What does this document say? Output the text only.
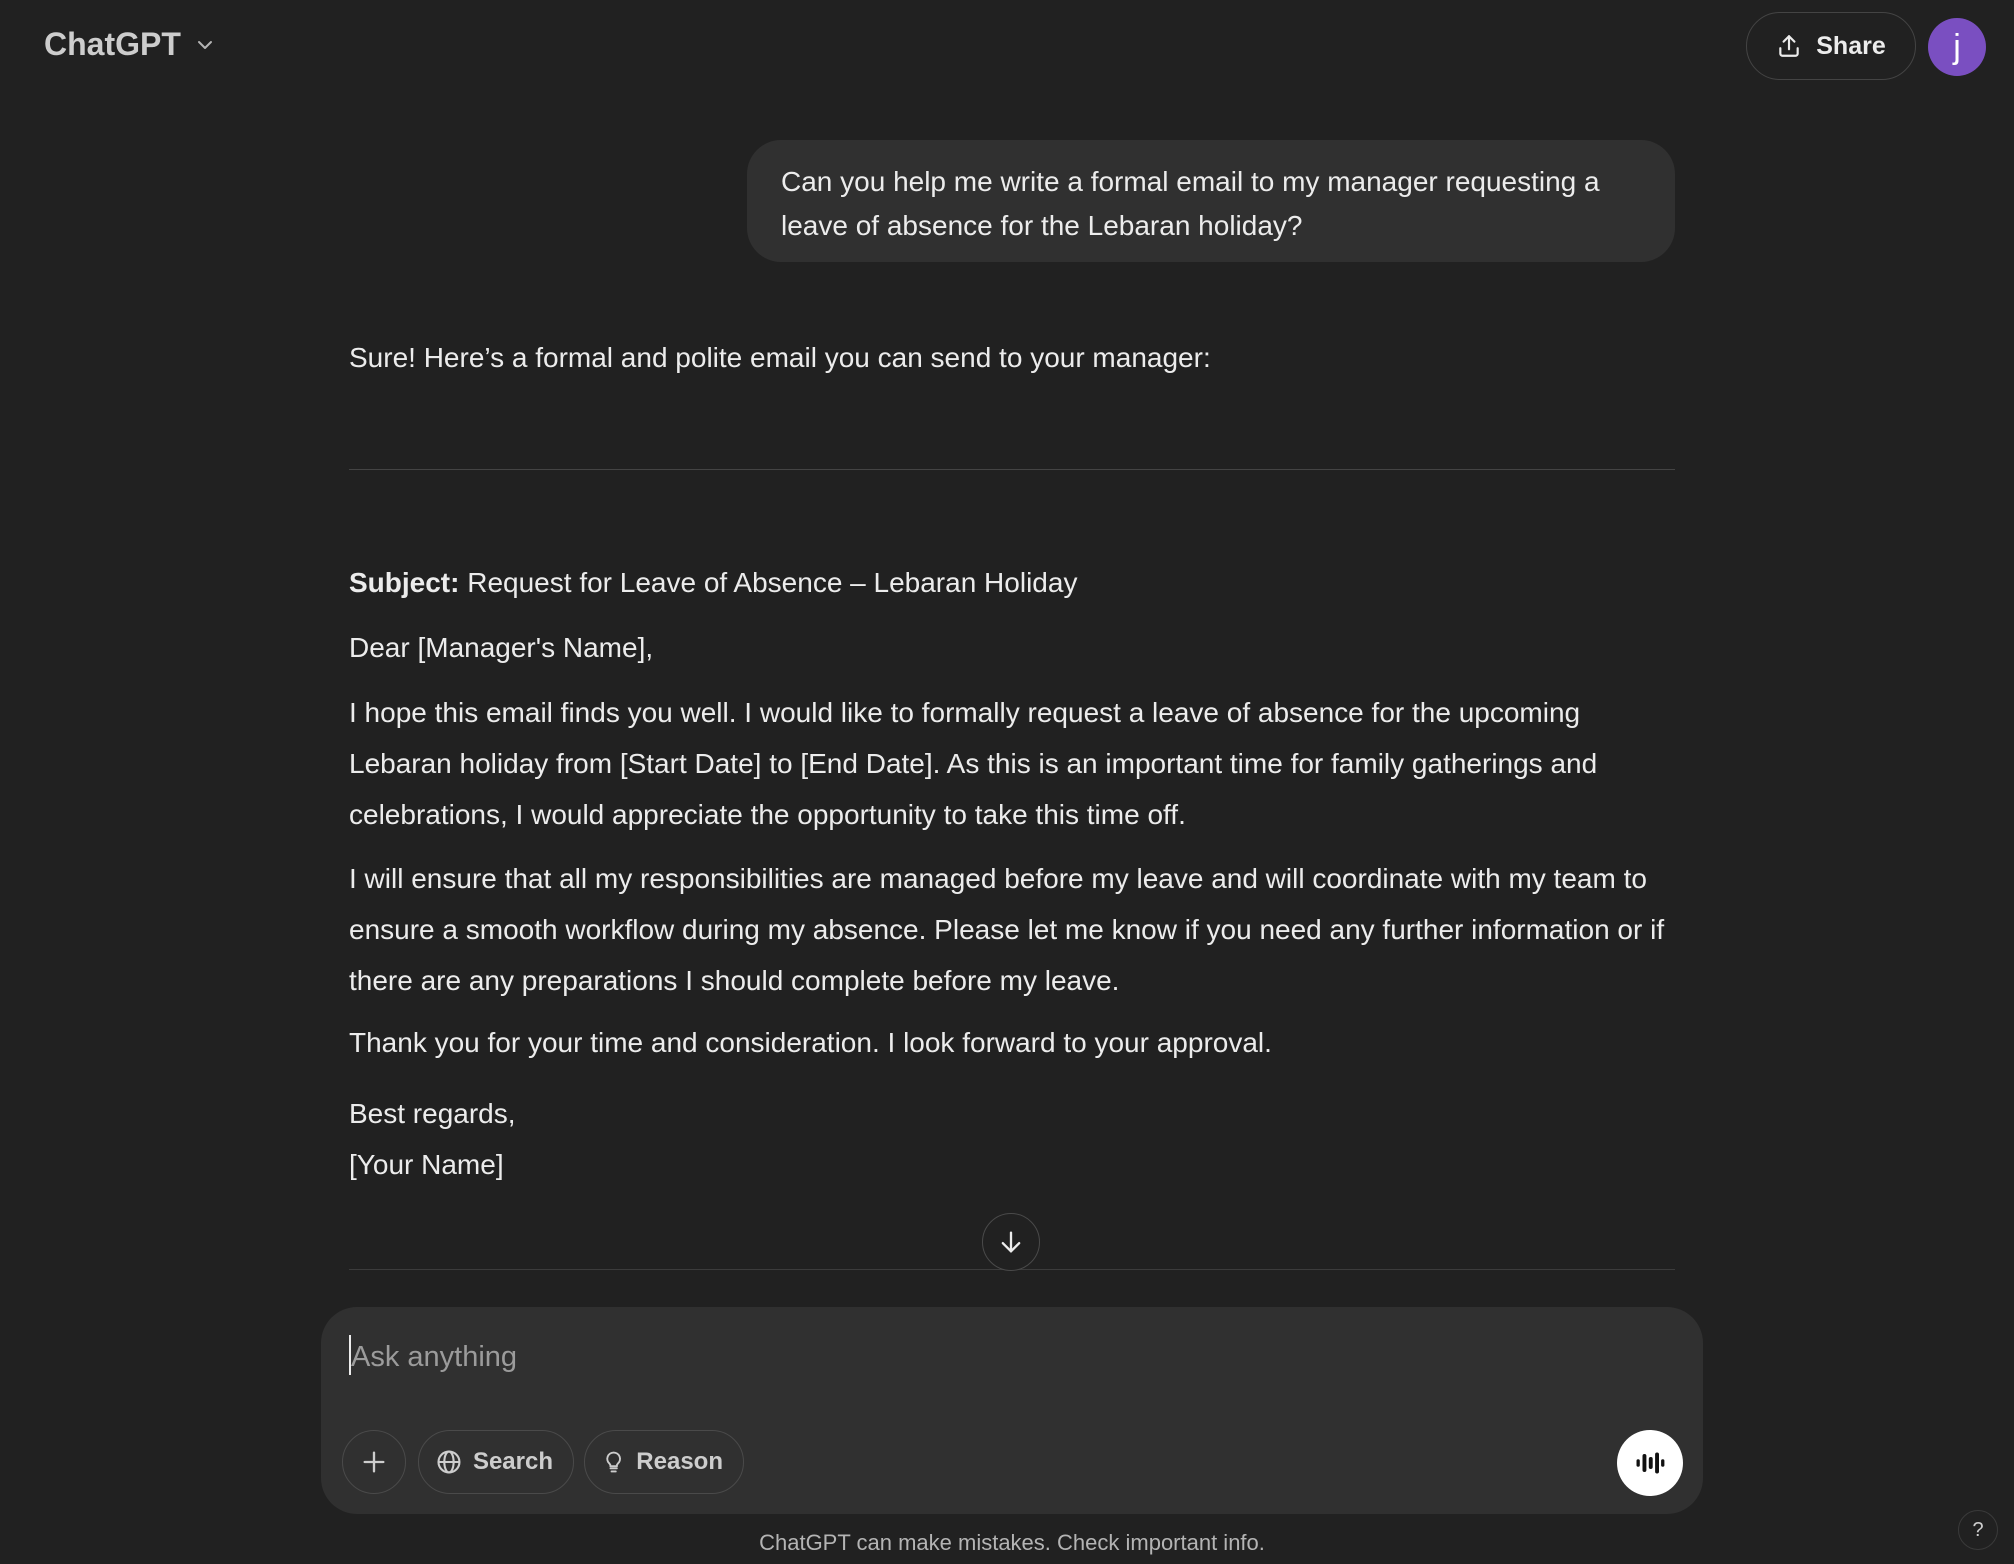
ChatGPT	Share	j
Can you help me write a formal email to my manager requesting a leave of absence for the Lebaran holiday?
Sure! Here’s a formal and polite email you can send to your manager:
Subject: Request for Leave of Absence – Lebaran Holiday
Dear [Manager's Name],
I hope this email finds you well. I would like to formally request a leave of absence for the upcoming Lebaran holiday from [Start Date] to [End Date]. As this is an important time for family gatherings and celebrations, I would appreciate the opportunity to take this time off.
I will ensure that all my responsibilities are managed before my leave and will coordinate with my team to ensure a smooth workflow during my absence. Please let me know if you need any further information or if there are any preparations I should complete before my leave.
Thank you for your time and consideration. I look forward to your approval.
Best regards,
[Your Name]
Ask anything
Search	Reason
ChatGPT can make mistakes. Check important info.
?
